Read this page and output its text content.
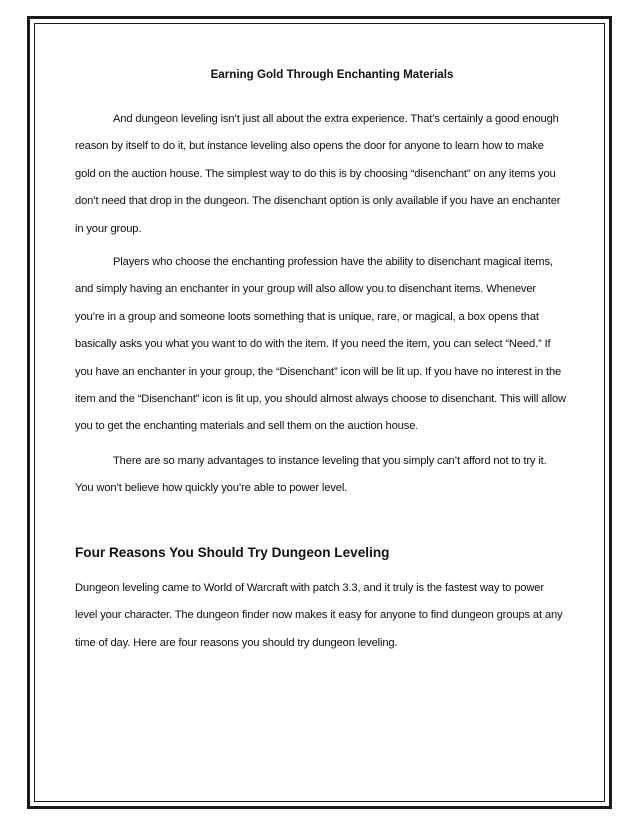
Earning Gold Through Enchanting Materials

And dungeon leveling isn’t just all about the extra experience. That’s certainly a good enough reason by itself to do it, but instance leveling also opens the door for anyone to learn how to make gold on the auction house. The simplest way to do this is by choosing “disenchant” on any items you don’t need that drop in the dungeon. The disenchant option is only available if you have an enchanter in your group.

Players who choose the enchanting profession have the ability to disenchant magical items, and simply having an enchanter in your group will also allow you to disenchant items. Whenever you’re in a group and someone loots something that is unique, rare, or magical, a box opens that basically asks you what you want to do with the item. If you need the item, you can select “Need.” If you have an enchanter in your group, the “Disenchant” icon will be lit up. If you have no interest in the item and the “Disenchant” icon is lit up, you should almost always choose to disenchant. This will allow you to get the enchanting materials and sell them on the auction house.

There are so many advantages to instance leveling that you simply can’t afford not to try it. You won’t believe how quickly you’re able to power level.

Four Reasons You Should Try Dungeon Leveling

Dungeon leveling came to World of Warcraft with patch 3.3, and it truly is the fastest way to power level your character. The dungeon finder now makes it easy for anyone to find dungeon groups at any time of day. Here are four reasons you should try dungeon leveling.
